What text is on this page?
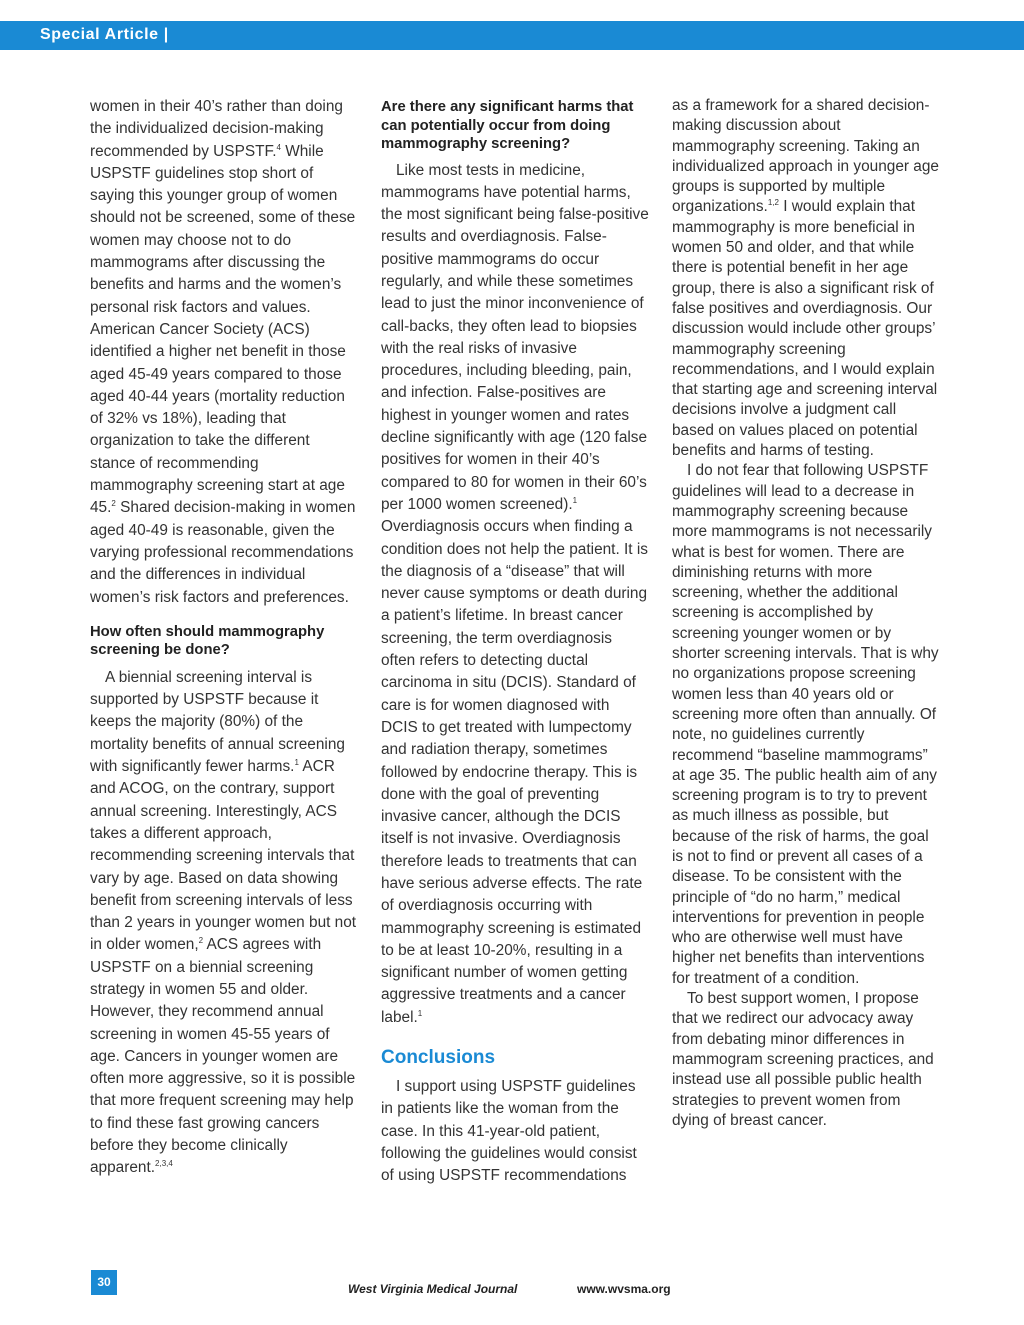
Special Article |

women in their 40’s rather than doing the individualized decision-making recommended by USPSTF.$^4$ While USPSTF guidelines stop short of saying this younger group of women should not be screened, some of these women may choose not to do mammograms after discussing the benefits and harms and the women’s personal risk factors and values. American Cancer Society (ACS) identified a higher net benefit in those aged 45-49 years compared to those aged 40-44 years (mortality reduction of 32% vs 18%), leading that organization to take the different stance of recommending mammography screening start at age 45.$^2$ Shared decision-making in women aged 40-49 is reasonable, given the varying professional recommendations and the differences in individual women’s risk factors and preferences.

How often should mammography screening be done?

A biennial screening interval is supported by USPSTF because it keeps the majority (80%) of the mortality benefits of annual screening with significantly fewer harms.$^1$ ACR and ACOG, on the contrary, support annual screening. Interestingly, ACS takes a different approach, recommending screening intervals that vary by age. Based on data showing benefit from screening intervals of less than 2 years in younger women but not in older women,$^2$ ACS agrees with USPSTF on a biennial screening strategy in women 55 and older. However, they recommend annual screening in women 45-55 years of age. Cancers in younger women are often more aggressive, so it is possible that more frequent screening may help to find these fast growing cancers before they become clinically apparent.$^{2,3,4}$

Are there any significant harms that can potentially occur from doing mammography screening?

Like most tests in medicine, mammograms have potential harms, the most significant being false-positive results and overdiagnosis. False-positive mammograms do occur regularly, and while these sometimes lead to just the minor inconvenience of call-backs, they often lead to biopsies with the real risks of invasive procedures, including bleeding, pain, and infection. False-positives are highest in younger women and rates decline significantly with age (120 false positives for women in their 40’s compared to 80 for women in their 60’s per 1000 women screened).$^1$ Overdiagnosis occurs when finding a condition does not help the patient. It is the diagnosis of a “disease” that will never cause symptoms or death during a patient’s lifetime. In breast cancer screening, the term overdiagnosis often refers to detecting ductal carcinoma in situ (DCIS). Standard of care is for women diagnosed with DCIS to get treated with lumpectomy and radiation therapy, sometimes followed by endocrine therapy. This is done with the goal of preventing invasive cancer, although the DCIS itself is not invasive. Overdiagnosis therefore leads to treatments that can have serious adverse effects. The rate of overdiagnosis occurring with mammography screening is estimated to be at least 10-20%, resulting in a significant number of women getting aggressive treatments and a cancer label.$^1$

Conclusions

I support using USPSTF guidelines in patients like the woman from the case. In this 41-year-old patient, following the guidelines would consist of using USPSTF recommendations

as a framework for a shared decision-making discussion about mammography screening. Taking an individualized approach in younger age groups is supported by multiple organizations.$^{1,2}$ I would explain that mammography is more beneficial in women 50 and older, and that while there is potential benefit in her age group, there is also a significant risk of false positives and overdiagnosis. Our discussion would include other groups’ mammography screening recommendations, and I would explain that starting age and screening interval decisions involve a judgment call based on values placed on potential benefits and harms of testing.

I do not fear that following USPSTF guidelines will lead to a decrease in mammography screening because more mammograms is not necessarily what is best for women. There are diminishing returns with more screening, whether the additional screening is accomplished by screening younger women or by shorter screening intervals. That is why no organizations propose screening women less than 40 years old or screening more often than annually. Of note, no guidelines currently recommend “baseline mammograms” at age 35. The public health aim of any screening program is to try to prevent as much illness as possible, but because of the risk of harms, the goal is not to find or prevent all cases of a disease. To be consistent with the principle of “do no harm,” medical interventions for prevention in people who are otherwise well must have higher net benefits than interventions for treatment of a condition.

To best support women, I propose that we redirect our advocacy away from debating minor differences in mammogram screening practices, and instead use all possible public health strategies to prevent women from dying of breast cancer.

30	West Virginia Medical Journal	www.wvsma.org
